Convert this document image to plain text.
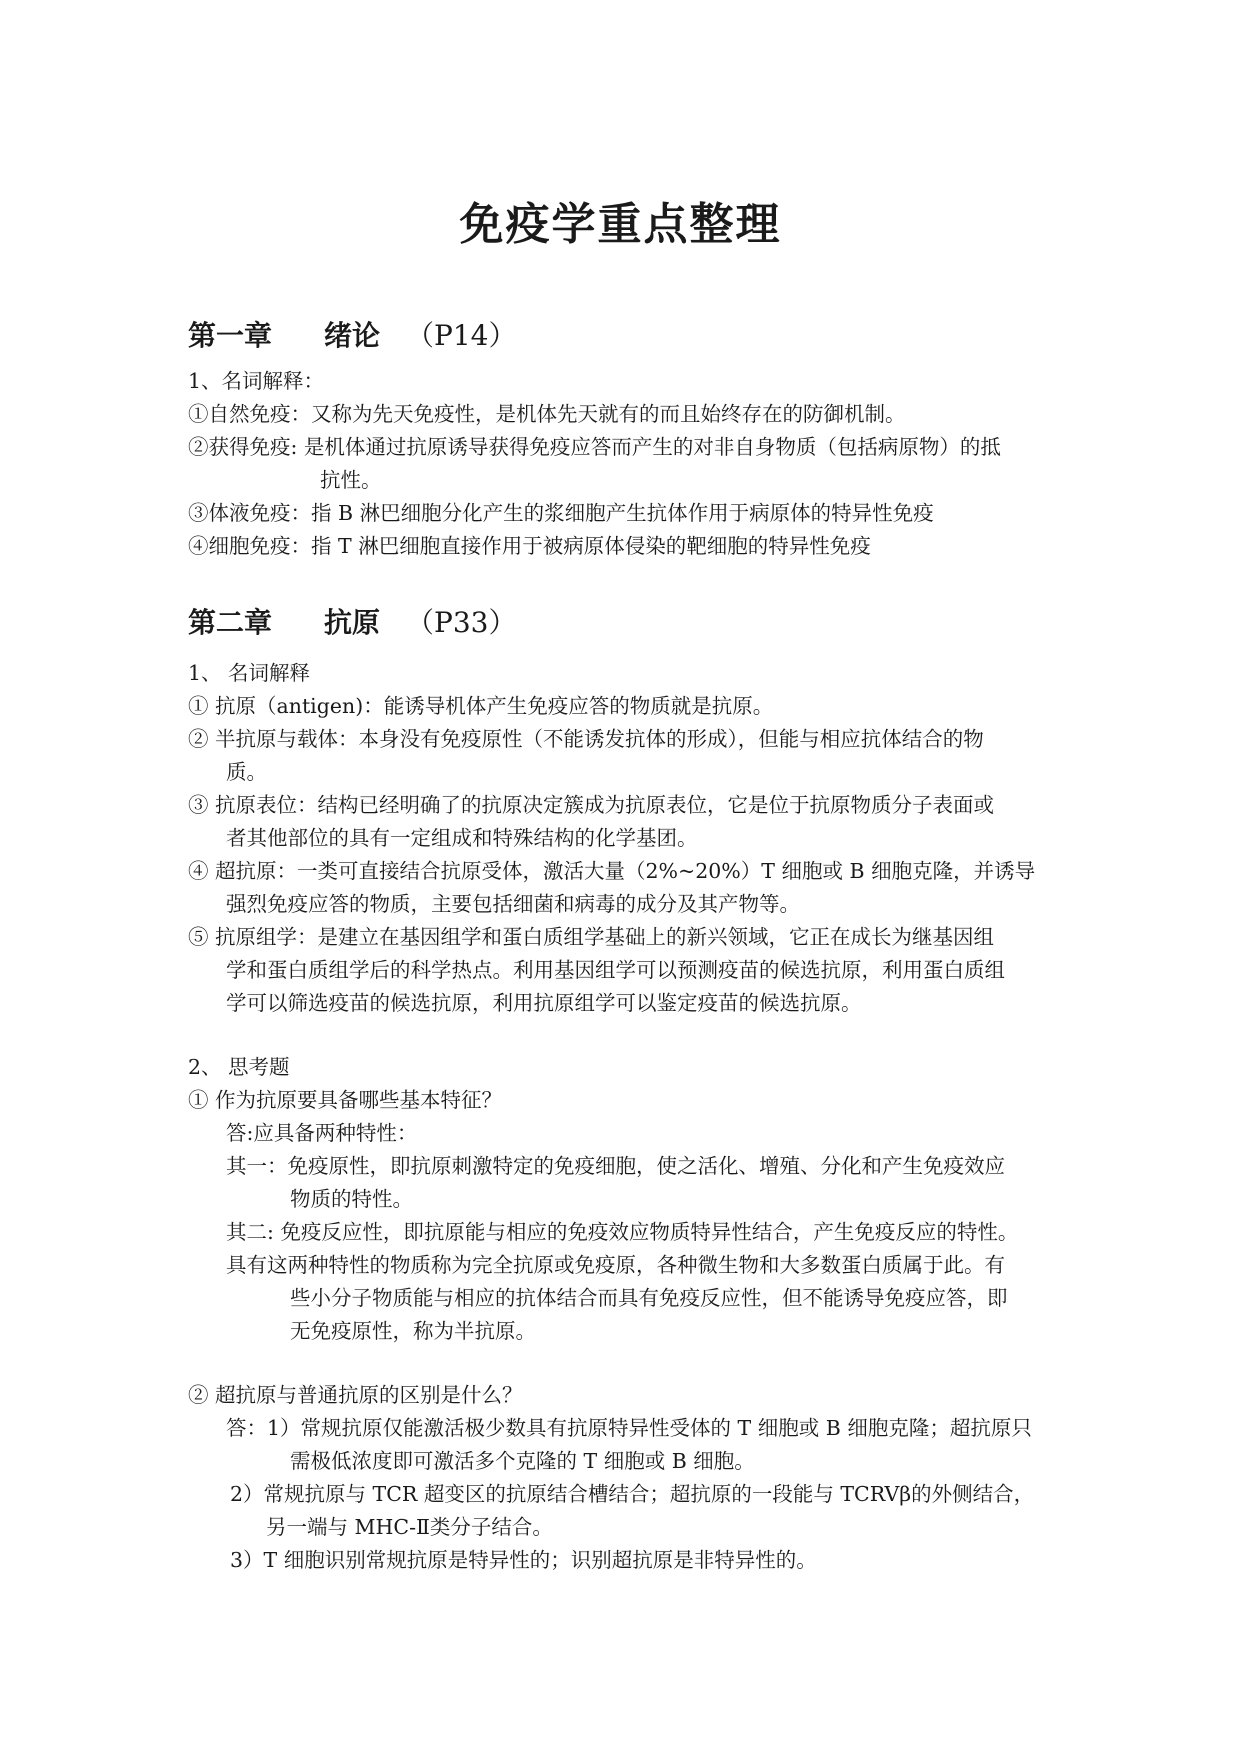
免疫学重点整理
第一章 绪论 （P14）
1、名词解释：
①自然免疫：又称为先天免疫性，是机体先天就有的而且始终存在的防御机制。
②获得免疫: 是机体通过抗原诱导获得免疫应答而产生的对非自身物质（包括病原物）的抵
抗性。
③体液免疫：指 B 淋巴细胞分化产生的浆细胞产生抗体作用于病原体的特异性免疫
④细胞免疫：指 T 淋巴细胞直接作用于被病原体侵染的靶细胞的特异性免疫
第二章 抗原 （P33）
1、 名词解释
① 抗原（antigen)：能诱导机体产生免疫应答的物质就是抗原。
② 半抗原与载体：本身没有免疫原性（不能诱发抗体的形成），但能与相应抗体结合的物
质。
③ 抗原表位：结构已经明确了的抗原决定簇成为抗原表位，它是位于抗原物质分子表面或
者其他部位的具有一定组成和特殊结构的化学基团。
④ 超抗原：一类可直接结合抗原受体，激活大量（2%~20%）T 细胞或 B 细胞克隆，并诱导
强烈免疫应答的物质，主要包括细菌和病毒的成分及其产物等。
⑤ 抗原组学：是建立在基因组学和蛋白质组学基础上的新兴领域，它正在成长为继基因组
学和蛋白质组学后的科学热点。利用基因组学可以预测疫苗的候选抗原，利用蛋白质组
学可以筛选疫苗的候选抗原，利用抗原组学可以鉴定疫苗的候选抗原。
2、 思考题
① 作为抗原要具备哪些基本特征？
答:应具备两种特性：
其一：免疫原性，即抗原刺激特定的免疫细胞，使之活化、增殖、分化和产生免疫效应
物质的特性。
其二: 免疫反应性，即抗原能与相应的免疫效应物质特异性结合，产生免疫反应的特性。
具有这两种特性的物质称为完全抗原或免疫原，各种微生物和大多数蛋白质属于此。有
些小分子物质能与相应的抗体结合而具有免疫反应性，但不能诱导免疫应答，即
无免疫原性，称为半抗原。
② 超抗原与普通抗原的区别是什么？
答：1）常规抗原仅能激活极少数具有抗原特异性受体的 T 细胞或 B 细胞克隆；超抗原只
需极低浓度即可激活多个克隆的 T 细胞或 B 细胞。
2）常规抗原与 TCR 超变区的抗原结合槽结合；超抗原的一段能与 TCRVβ的外侧结合，
另一端与 MHC-Ⅱ类分子结合。
3）T 细胞识别常规抗原是特异性的；识别超抗原是非特异性的。
